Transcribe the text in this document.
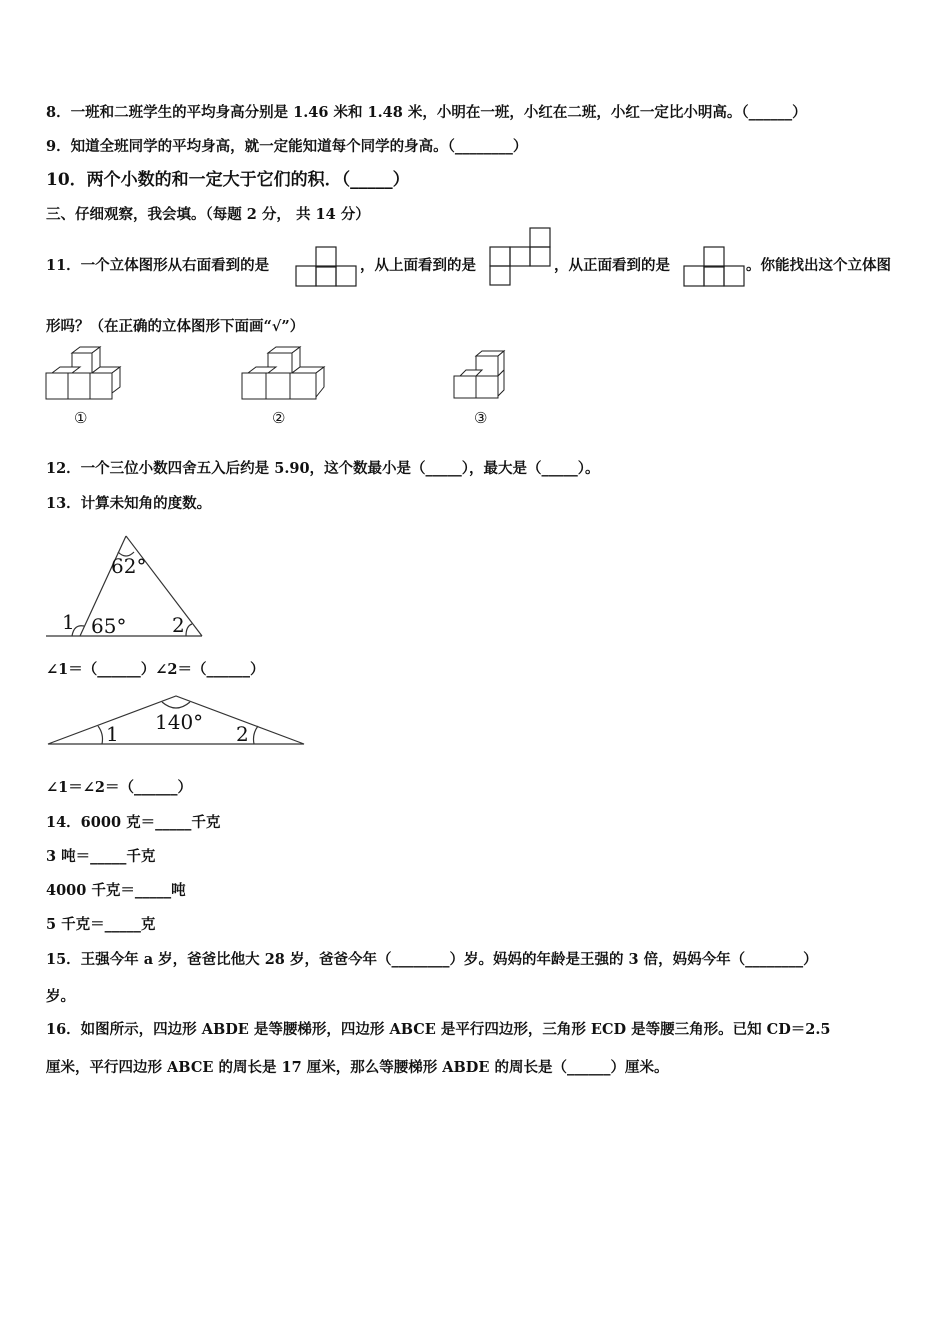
8．一班和二班学生的平均身高分别是 1.46 米和 1.48 米，小明在一班，小红在二班，小红一定比小明高。（______）
9．知道全班同学的平均身高，就一定能知道每个同学的身高。（________）
10．两个小数的和一定大于它们的积．（_____）
三、仔细观察，我会填。（每题 2 分， 共 14 分）
11．一个立体图形从右面看到的是	，从上面看到的是	，从正面看到的是	。你能找出这个立体图
形吗？（在正确的立体图形下面画“√”）
①	②	③
12．一个三位小数四舍五入后约是 5.90，这个数最小是（_____），最大是（_____）。
13．计算未知角的度数。
62°
1 65° 2
∠1＝（______）∠2＝（______）
140°
1	2
∠1＝∠2＝（______）
14．6000 克＝_____千克
3 吨＝_____千克
4000 千克＝_____吨
5 千克＝_____克
15．王强今年 a 岁，爸爸比他大 28 岁，爸爸今年（________）岁。妈妈的年龄是王强的 3 倍，妈妈今年（________）
岁。
16．如图所示，四边形 ABDE 是等腰梯形，四边形 ABCE 是平行四边形，三角形 ECD 是等腰三角形。已知 CD＝2.5
厘米，平行四边形 ABCE 的周长是 17 厘米，那么等腰梯形 ABDE 的周长是（______）厘米。
